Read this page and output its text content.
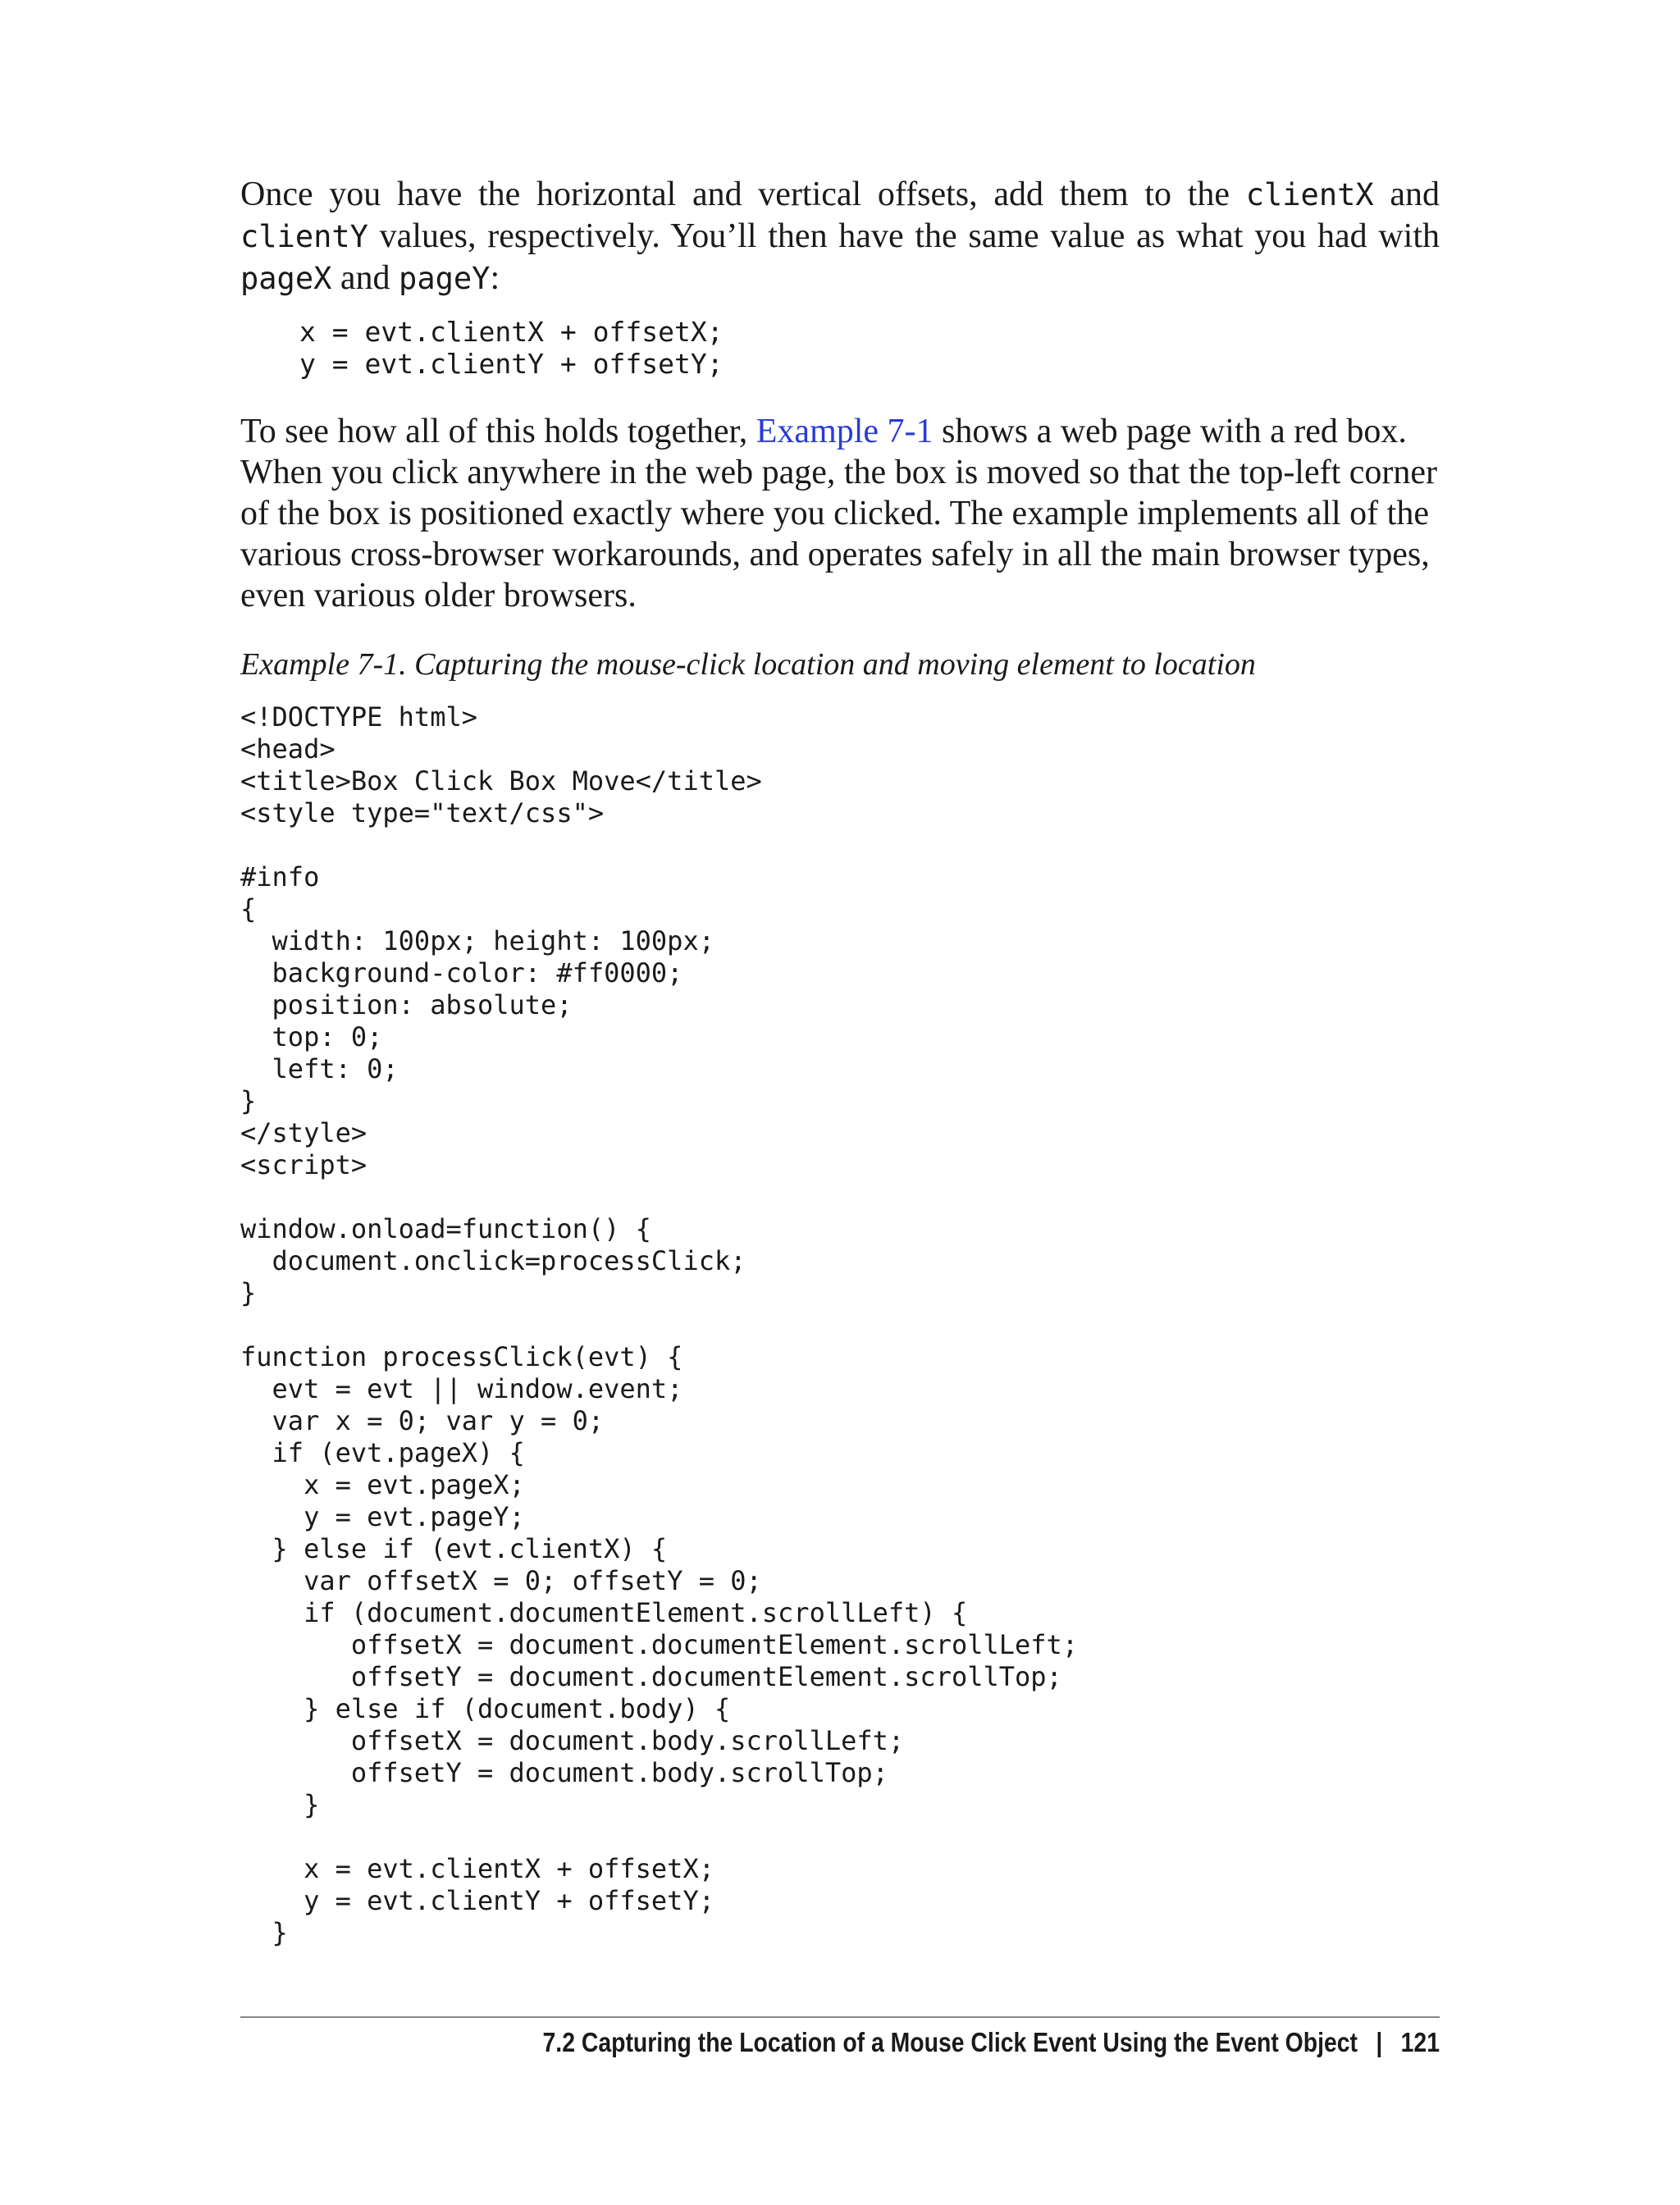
Once you have the horizontal and vertical offsets, add them to the clientX and clientY values, respectively. You’ll then have the same value as what you had with pageX and pageY:

x = evt.clientX + offsetX;
y = evt.clientY + offsetY;

To see how all of this holds together, Example 7-1 shows a web page with a red box. When you click anywhere in the web page, the box is moved so that the top-left corner of the box is positioned exactly where you clicked. The example implements all of the various cross-browser workarounds, and operates safely in all the main browser types, even various older browsers.

Example 7-1. Capturing the mouse-click location and moving element to location
<!DOCTYPE html>
<head>
<title>Box Click Box Move</title>
<style type="text/css">

#info
{
width: 100px; height: 100px;
background-color: #ff0000;
position: absolute;
top: 0;
left: 0;
}
</style>
<script>

window.onload=function() {
document.onclick=processClick;
}

function processClick(evt) {
evt = evt || window.event;
var x = 0; var y = 0;
if (evt.pageX) {
x = evt.pageX;
y = evt.pageY;
} else if (evt.clientX) {
var offsetX = 0; offsetY = 0;
if (document.documentElement.scrollLeft) {
offsetX = document.documentElement.scrollLeft;
offsetY = document.documentElement.scrollTop;
} else if (document.body) {
offsetX = document.body.scrollLeft;
offsetY = document.body.scrollTop;
}

x = evt.clientX + offsetX;
y = evt.clientY + offsetY;
}
7.2 Capturing the Location of a Mouse Click Event Using the Event Object | 121
